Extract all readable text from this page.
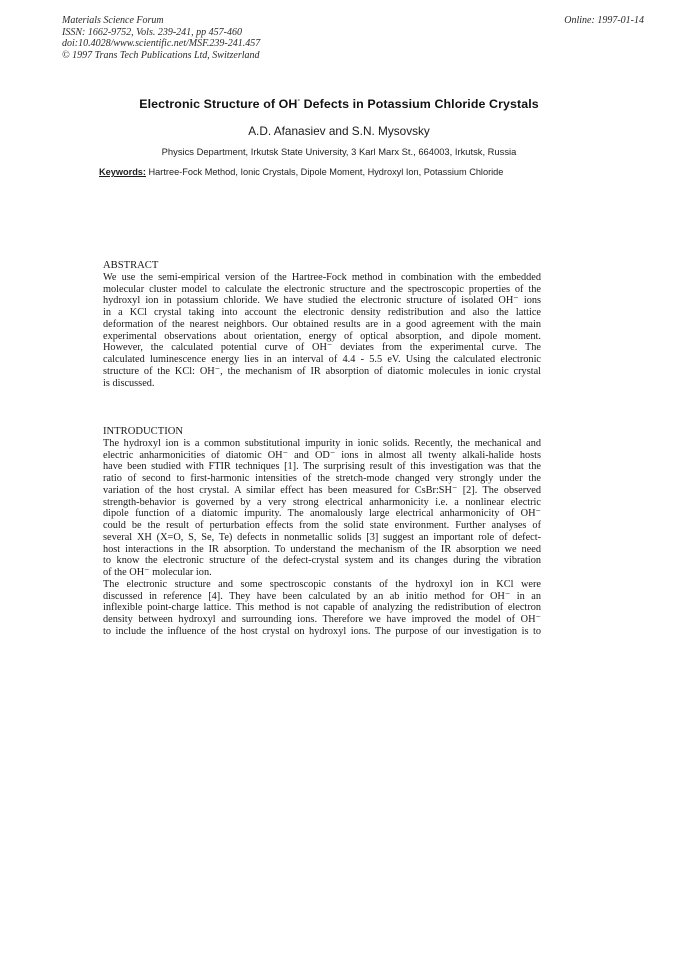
Materials Science Forum
ISSN: 1662-9752, Vols. 239-241, pp 457-460
doi:10.4028/www.scientific.net/MSF.239-241.457
© 1997 Trans Tech Publications Ltd, Switzerland
Online: 1997-01-14
Electronic Structure of OH- Defects in Potassium Chloride Crystals
A.D. Afanasiev and S.N. Mysovsky
Physics Department, Irkutsk State University, 3 Karl Marx St., 664003, Irkutsk, Russia
Keywords: Hartree-Fock Method, Ionic Crystals, Dipole Moment, Hydroxyl Ion, Potassium Chloride
ABSTRACT

We use the semi-empirical version of the Hartree-Fock method in combination with the embedded

molecular cluster model to calculate the electronic structure and the spectroscopic properties of the

hydroxyl ion in potassium chloride. We have studied the electronic structure of isolated OH⁻ ions

in a KCl crystal taking into account the electronic density redistribution and also the lattice

deformation of the nearest neighbors. Our obtained results are in a good agreement with the main

experimental observations about orientation, energy of optical absorption, and dipole moment.

However, the calculated potential curve of OH⁻ deviates from the experimental curve. The

calculated luminescence energy lies in an interval of 4.4 - 5.5 eV. Using the calculated electronic

structure of the KCl: OH⁻, the mechanism of IR absorption of diatomic molecules in ionic crystal

is discussed.

INTRODUCTION

The hydroxyl ion is a common substitutional impurity in ionic solids. Recently, the mechanical and

electric anharmonicities of diatomic OH⁻ and OD⁻ ions in almost all twenty alkali-halide hosts

have been studied with FTIR techniques [1]. The surprising result of this investigation was that the

ratio of second to first-harmonic intensities of the stretch-mode changed very strongly under the

variation of the host crystal. A similar effect has been measured for CsBr:SH⁻ [2]. The observed

strength-behavior is governed by a very strong electrical anharmonicity i.e. a nonlinear electric

dipole function of a diatomic impurity. The anomalously large electrical anharmonicity of OH⁻

could be the result of perturbation effects from the solid state environment. Further analyses of

several XH (X=O, S, Se, Te) defects in nonmetallic solids [3] suggest an important role of defect-

host interactions in the IR absorption. To understand the mechanism of the IR absorption we need

to know the electronic structure of the defect-crystal system and its changes during the vibration

of the OH⁻ molecular ion.

The electronic structure and some spectroscopic constants of the hydroxyl ion in KCl were

discussed in reference [4]. They have been calculated by an ab initio method for OH⁻ in an

inflexible point-charge lattice. This method is not capable of analyzing the redistribution of electron

density between hydroxyl and surrounding ions. Therefore we have improved the model of OH⁻

to include the influence of the host crystal on hydroxyl ions. The purpose of our investigation is to
